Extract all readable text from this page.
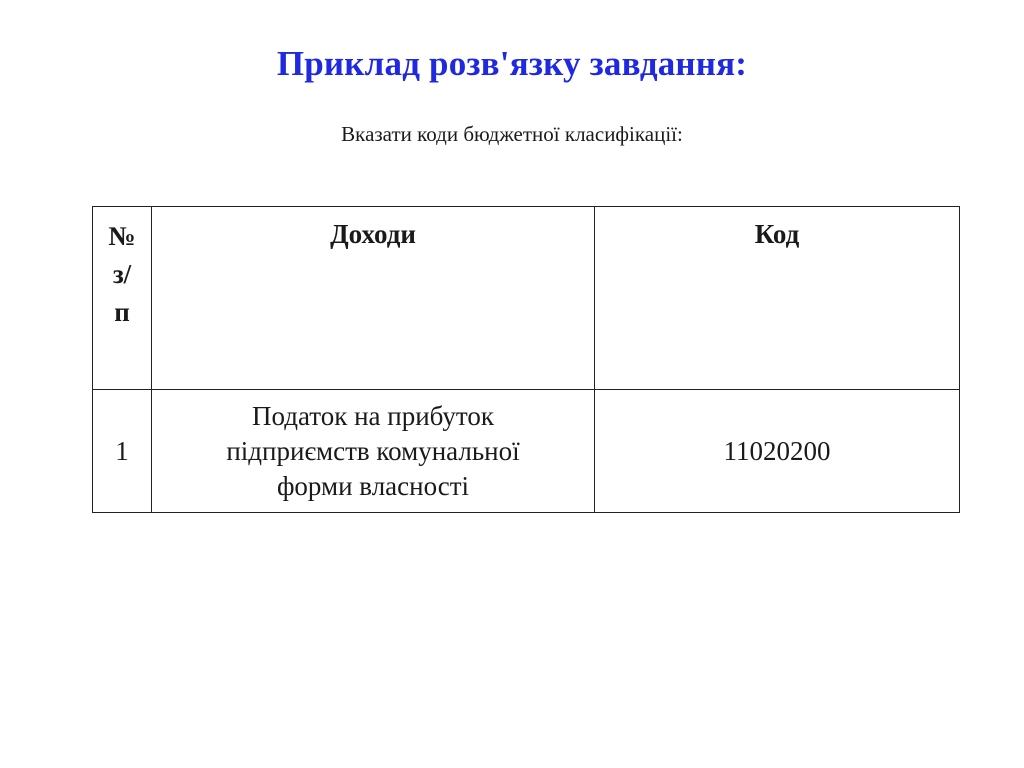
Приклад розв'язку завдання:

Вказати коди бюджетної класифікації:

№
з/
п	Доходи	Код
1	Податок на прибуток
підприємств комунальної
форми власності	11020200
